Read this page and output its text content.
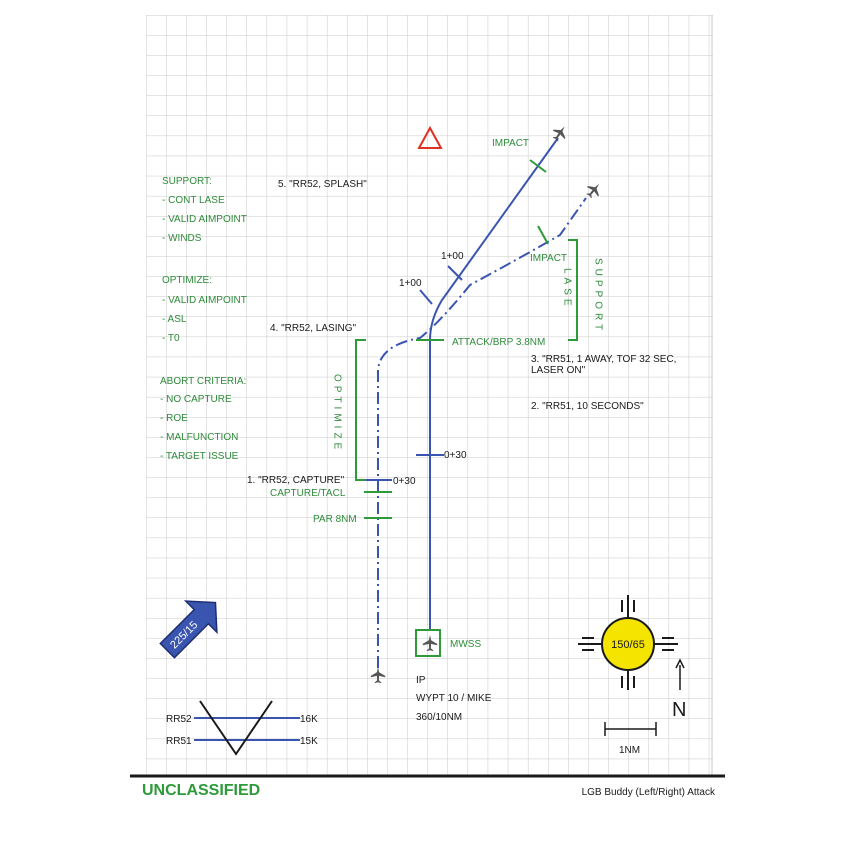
SUPPORT
LASE
OPTIMIZE
SUPPORT:
- CONT LASE
- VALID AIMPOINT
- WINDS
OPTIMIZE:
- VALID AIMPOINT
- ASL
- T0
ABORT CRITERIA:
- NO CAPTURE
- ROE
- MALFUNCTION
- TARGET ISSUE
5. "RR52, SPLASH"
4. "RR52, LASING"
1. "RR52, CAPTURE"
3. "RR51, 1 AWAY, TOF 32 SEC,
LASER ON"
2. "RR51, 10 SECONDS"
IMPACT
IMPACT
1+00
1+00
ATTACK/BRP 3.8NM
0+30
0+30
CAPTURE/TACL
PAR 8NM
MWSS
IP
WYPT 10 / MIKE
360/10NM
225/15	150/65
N
1NM
RR52
RR51
16K
15K
UNCLASSIFIED	LGB Buddy (Left/Right) Attack
